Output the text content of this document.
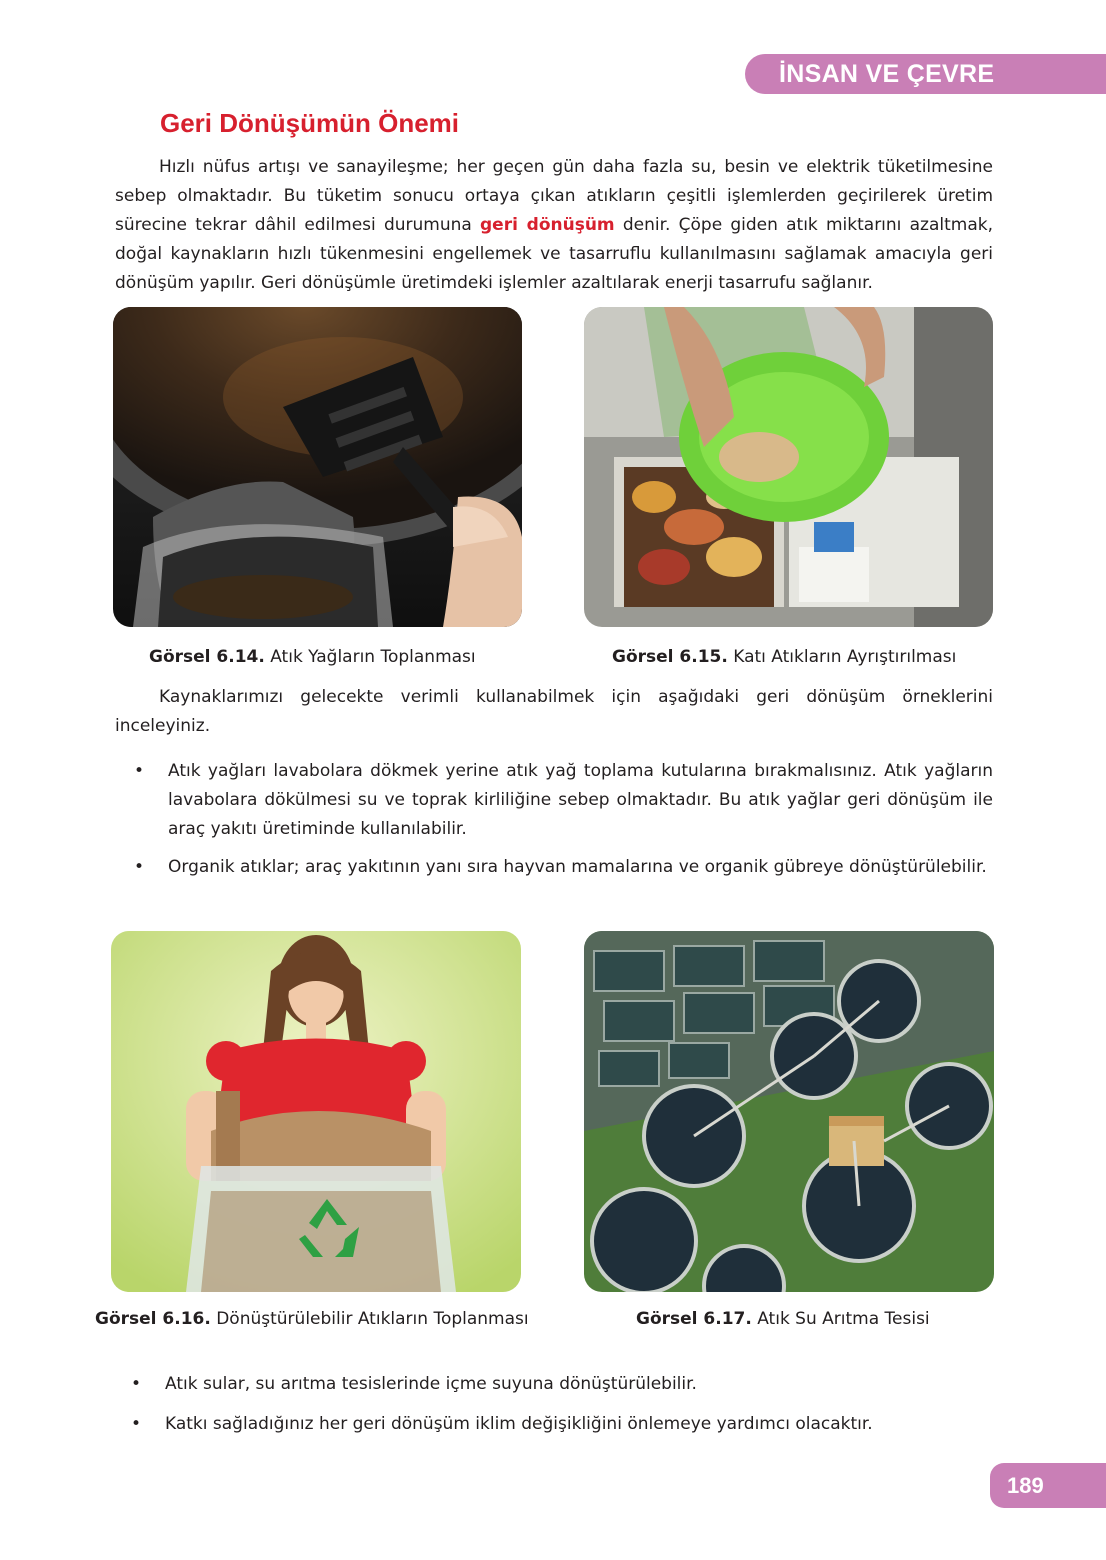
İNSAN VE ÇEVRE
Geri Dönüşümün Önemi

Hızlı nüfus artışı ve sanayileşme; her geçen gün daha fazla su, besin ve elektrik tüketilmesine sebep olmaktadır. Bu tüketim sonucu ortaya çıkan atıkların çeşitli işlemlerden geçirilerek üretim sürecine tekrar dâhil edilmesi durumuna geri dönüşüm denir. Çöpe giden atık miktarını azaltmak, doğal kaynakların hızlı tükenmesini engellemek ve tasarruflu kullanılmasını sağlamak amacıyla geri dönüşüm yapılır. Geri dönüşümle üretimdeki işlemler azaltılarak enerji tasarrufu sağlanır.

Görsel 6.14. Atık Yağların Toplanması	Görsel 6.15. Katı Atıkların Ayrıştırılması

Kaynaklarımızı gelecekte verimli kullanabilmek için aşağıdaki geri dönüşüm örneklerini inceleyiniz.

• Atık yağları lavabolara dökmek yerine atık yağ toplama kutularına bırakmalısınız. Atık yağların lavabolara dökülmesi su ve toprak kirliliğine sebep olmaktadır. Bu atık yağlar geri dönüşüm ile araç yakıtı üretiminde kullanılabilir.

• Organik atıklar; araç yakıtının yanı sıra hayvan mamalarına ve organik gübreye dönüştürülebilir.

Görsel 6.16. Dönüştürülebilir Atıkların Toplanması	Görsel 6.17. Atık Su Arıtma Tesisi

• Atık sular, su arıtma tesislerinde içme suyuna dönüştürülebilir.

• Katkı sağladığınız her geri dönüşüm iklim değişikliğini önlemeye yardımcı olacaktır.

189
